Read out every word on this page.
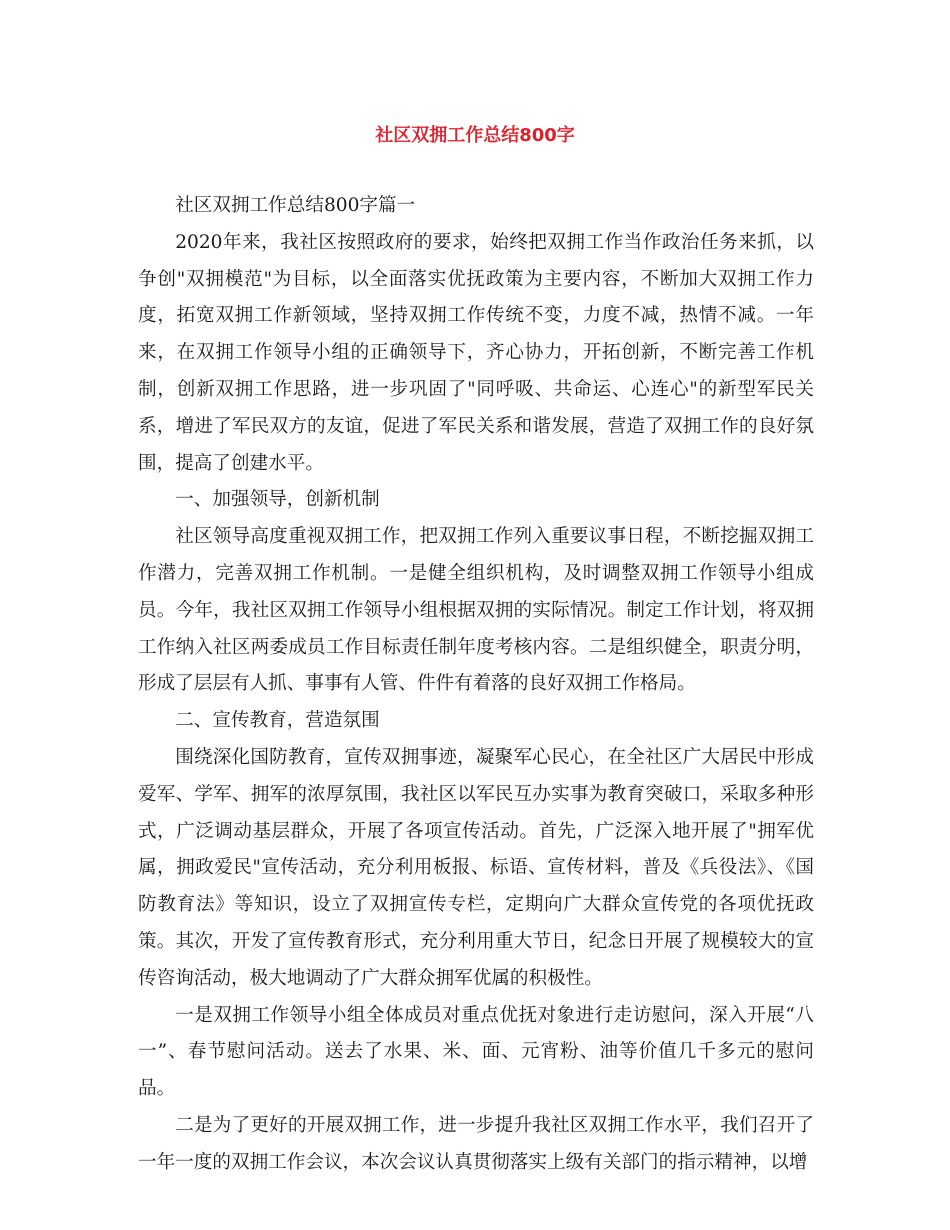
社区双拥工作总结800字

社区双拥工作总结800字篇一

2020年来，我社区按照政府的要求，始终把双拥工作当作政治任务来抓，以争创"双拥模范"为目标，以全面落实优抚政策为主要内容，不断加大双拥工作力度，拓宽双拥工作新领域，坚持双拥工作传统不变，力度不减，热情不减。一年来，在双拥工作领导小组的正确领导下，齐心协力，开拓创新，不断完善工作机制，创新双拥工作思路，进一步巩固了"同呼吸、共命运、心连心"的新型军民关系，增进了军民双方的友谊，促进了军民关系和谐发展，营造了双拥工作的良好氛围，提高了创建水平。

一、加强领导，创新机制

社区领导高度重视双拥工作，把双拥工作列入重要议事日程，不断挖掘双拥工作潜力，完善双拥工作机制。一是健全组织机构，及时调整双拥工作领导小组成员。今年，我社区双拥工作领导小组根据双拥的实际情况。制定工作计划，将双拥工作纳入社区两委成员工作目标责任制年度考核内容。二是组织健全，职责分明，形成了层层有人抓、事事有人管、件件有着落的良好双拥工作格局。

二、宣传教育，营造氛围

围绕深化国防教育，宣传双拥事迹，凝聚军心民心，在全社区广大居民中形成爱军、学军、拥军的浓厚氛围，我社区以军民互办实事为教育突破口，采取多种形式，广泛调动基层群众，开展了各项宣传活动。首先，广泛深入地开展了"拥军优属，拥政爱民"宣传活动，充分利用板报、标语、宣传材料，普及《兵役法》、《国防教育法》等知识，设立了双拥宣传专栏，定期向广大群众宣传党的各项优抚政策。其次，开发了宣传教育形式，充分利用重大节日，纪念日开展了规模较大的宣传咨询活动，极大地调动了广大群众拥军优属的积极性。

一是双拥工作领导小组全体成员对重点优抚对象进行走访慰问，深入开展“八一”、春节慰问活动。送去了水果、米、面、元宵粉、油等价值几千多元的慰问品。

二是为了更好的开展双拥工作，进一步提升我社区双拥工作水平，我们召开了一年一度的双拥工作会议，本次会议认真贯彻落实上级有关部门的指示精神，以增
